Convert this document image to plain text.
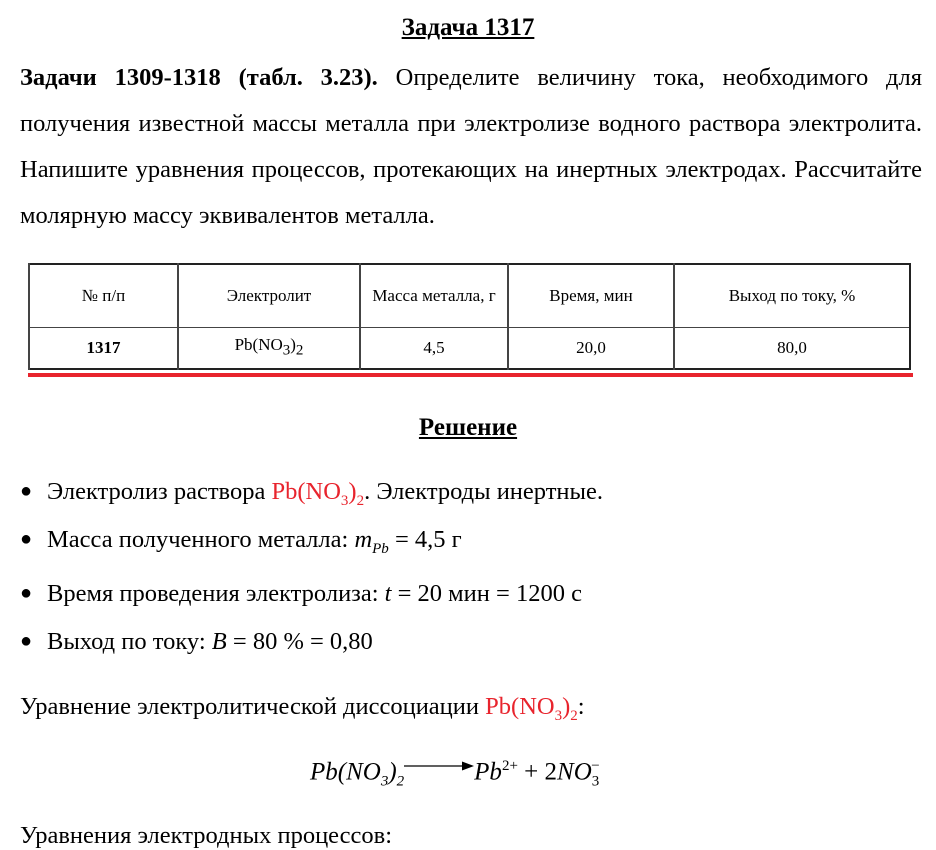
Задача 1317
Задачи 1309-1318 (табл. 3.23). Определите величину тока, необходимого для получения известной массы металла при электролизе водного раствора электролита. Напишите уравнения процессов, протекающих на инертных электродах. Рассчитайте молярную массу эквивалентов металла.
№ п/п	Электролит	Масса металла, г	Время, мин	Выход по току, %
1317	$Pb(NO_3)_2$	4,5	20,0	80,0
Решение
● Электролиз раствора $Pb(NO_3)_2$. Электроды инертные.
● Масса полученного металла: $m_{Pb} = 4,5$ г
● Время проведения электролиза: t = 20 мин = 1200 с
● Выход по току: B = 80 % = 0,80
Уравнение электролитической диссоциации $Pb(NO_3)_2$:
$Pb(NO_3)_2 \to Pb^{2+} + 2NO_3^-$
Уравнения электродных процессов:
